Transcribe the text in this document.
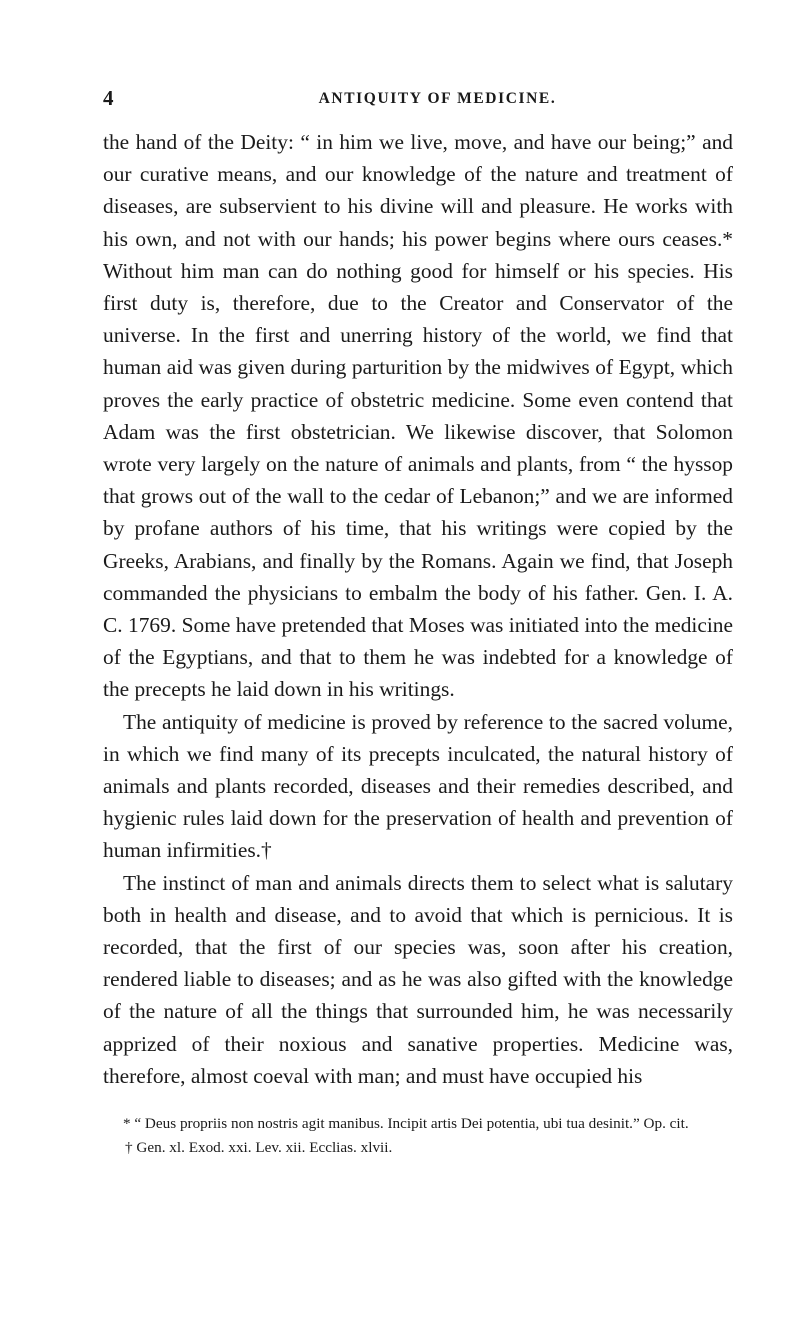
4	ANTIQUITY OF MEDICINE.

the hand of the Deity: “ in him we live, move, and have our being;” and our curative means, and our knowledge of the nature and treatment of diseases, are subservient to his divine will and pleasure. He works with his own, and not with our hands; his power begins where ours ceases.* Without him man can do nothing good for himself or his species. His first duty is, therefore, due to the Creator and Conservator of the universe. In the first and unerring history of the world, we find that human aid was given during parturition by the midwives of Egypt, which proves the early practice of obstetric medicine. Some even contend that Adam was the first obstetrician. We likewise discover, that Solomon wrote very largely on the nature of animals and plants, from “ the hyssop that grows out of the wall to the cedar of Lebanon;” and we are informed by profane authors of his time, that his writings were copied by the Greeks, Arabians, and finally by the Romans. Again we find, that Joseph commanded the physicians to embalm the body of his father. Gen. I. A. C. 1769. Some have pretended that Moses was initiated into the medicine of the Egyptians, and that to them he was indebted for a knowledge of the precepts he laid down in his writings.

The antiquity of medicine is proved by reference to the sacred volume, in which we find many of its precepts inculcated, the natural history of animals and plants recorded, diseases and their remedies described, and hygienic rules laid down for the preservation of health and prevention of human infirmities.†

The instinct of man and animals directs them to select what is salutary both in health and disease, and to avoid that which is pernicious. It is recorded, that the first of our species was, soon after his creation, rendered liable to diseases; and as he was also gifted with the knowledge of the nature of all the things that surrounded him, he was necessarily apprized of their noxious and sanative properties. Medicine was, therefore, almost coeval with man; and must have occupied his

* “ Deus propriis non nostris agit manibus. Incipit artis Dei potentia, ubi tua desinit.” Op. cit.

† Gen. xl. Exod. xxi. Lev. xii. Ecclias. xlvii.
